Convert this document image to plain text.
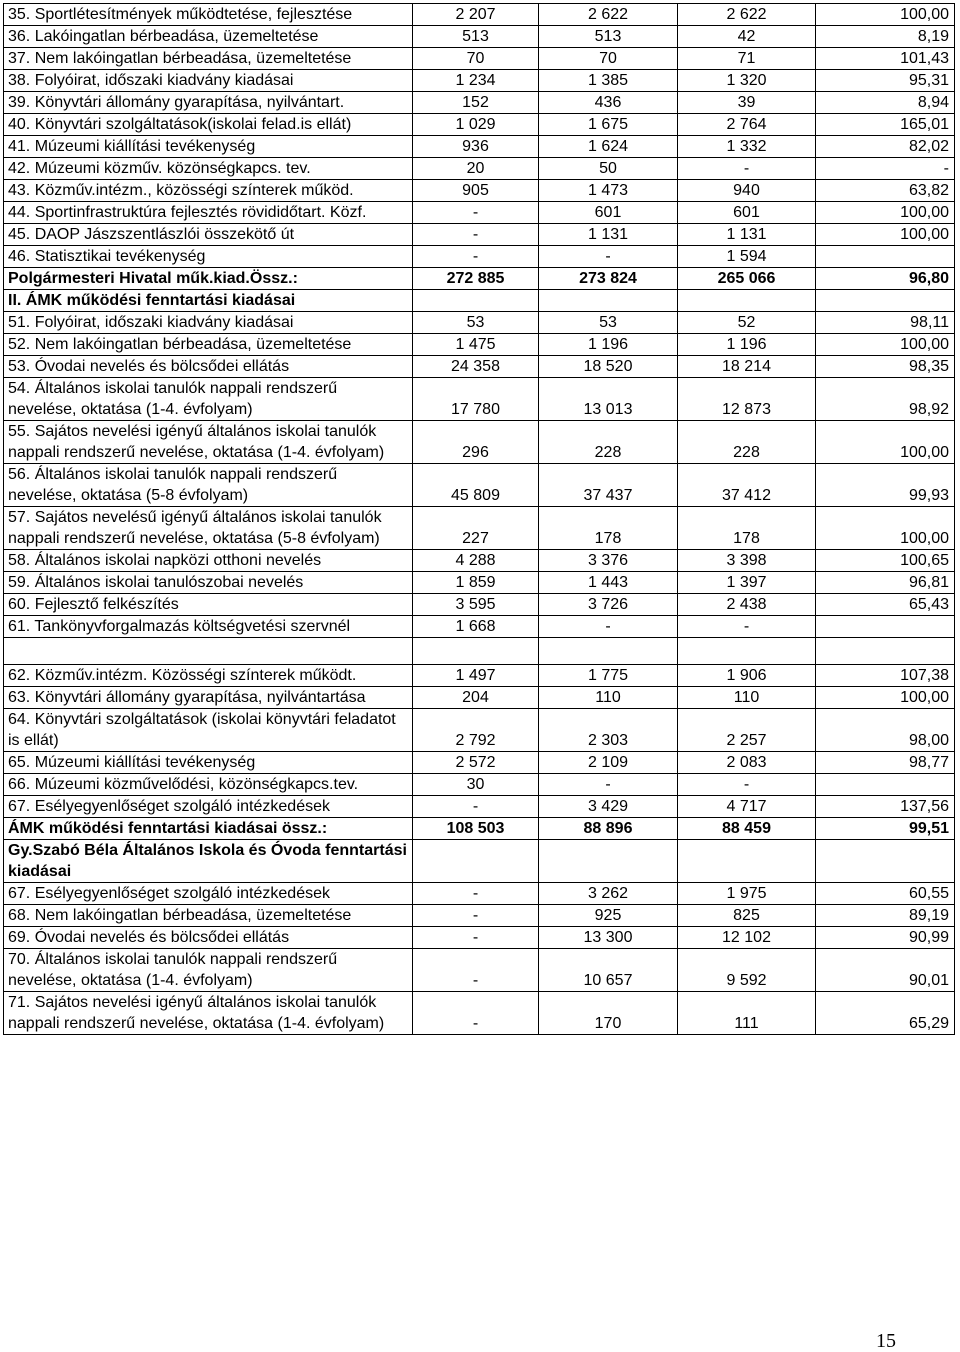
35. Sportlétesítmények működtetése, fejlesztése	2 207	2 622	2 622	100,00
36. Lakóingatlan bérbeadása, üzemeltetése	513	513	42	8,19
37. Nem lakóingatlan bérbeadása, üzemeltetése	70	70	71	101,43
38. Folyóirat, időszaki kiadvány kiadásai	1 234	1 385	1 320	95,31
39. Könyvtári állomány gyarapítása, nyilvántart.	152	436	39	8,94
40. Könyvtári szolgáltatások(iskolai felad.is ellát)	1 029	1 675	2 764	165,01
41. Múzeumi kiállítási tevékenység	936	1 624	1 332	82,02
42. Múzeumi közműv. közönségkapcs. tev.	20	50	-	-
43. Közműv.intézm., közösségi színterek működ.	905	1 473	940	63,82
44. Sportinfrastruktúra fejlesztés rövididőtart. Közf.	-	601	601	100,00
45. DAOP Jászszentlászlói összekötő út	-	1 131	1 131	100,00
46. Statisztikai tevékenység	-	-	1 594	
Polgármesteri Hivatal műk.kiad.Össz.:	272 885	273 824	265 066	96,80
II. ÁMK működési fenntartási kiadásai				
51. Folyóirat, időszaki kiadvány kiadásai	53	53	52	98,11
52. Nem lakóingatlan bérbeadása, üzemeltetése	1 475	1 196	1 196	100,00
53. Óvodai nevelés és bölcsődei ellátás	24 358	18 520	18 214	98,35
54. Általános iskolai tanulók nappali rendszerű nevelése, oktatása (1-4. évfolyam)	17 780	13 013	12 873	98,92
55. Sajátos nevelési igényű általános iskolai tanulók nappali rendszerű nevelése, oktatása (1-4. évfolyam)	296	228	228	100,00
56. Általános iskolai tanulók nappali rendszerű nevelése, oktatása (5-8 évfolyam)	45 809	37 437	37 412	99,93
57. Sajátos nevelésű igényű általános iskolai tanulók nappali rendszerű nevelése, oktatása (5-8 évfolyam)	227	178	178	100,00
58. Általános iskolai napközi otthoni nevelés	4 288	3 376	3 398	100,65
59. Általános iskolai tanulószobai nevelés	1 859	1 443	1 397	96,81
60. Fejlesztő felkészítés	3 595	3 726	2 438	65,43
61. Tankönyvforgalmazás költségvetési szervnél	1 668	-	-	

62. Közműv.intézm. Közösségi színterek működt.	1 497	1 775	1 906	107,38
63. Könyvtári állomány gyarapítása, nyilvántartása	204	110	110	100,00
64. Könyvtári szolgáltatások (iskolai könyvtári feladatot is ellát)	2 792	2 303	2 257	98,00
65. Múzeumi kiállítási tevékenység	2 572	2 109	2 083	98,77
66. Múzeumi közművelődési, közönségkapcs.tev.	30	-	-	
67. Esélyegyenlőséget szolgáló intézkedések	-	3 429	4 717	137,56
ÁMK működési fenntartási kiadásai össz.:	108 503	88 896	88 459	99,51
Gy.Szabó Béla Általános Iskola és Óvoda fenntartási kiadásai				
67. Esélyegyenlőséget szolgáló intézkedések	-	3 262	1 975	60,55
68. Nem lakóingatlan bérbeadása, üzemeltetése	-	925	825	89,19
69. Óvodai nevelés és bölcsődei ellátás	-	13 300	12 102	90,99
70. Általános iskolai tanulók nappali rendszerű nevelése, oktatása (1-4. évfolyam)	-	10 657	9 592	90,01
71. Sajátos nevelési igényű általános iskolai tanulók nappali rendszerű nevelése, oktatása (1-4. évfolyam)	-	170	111	65,29
15
